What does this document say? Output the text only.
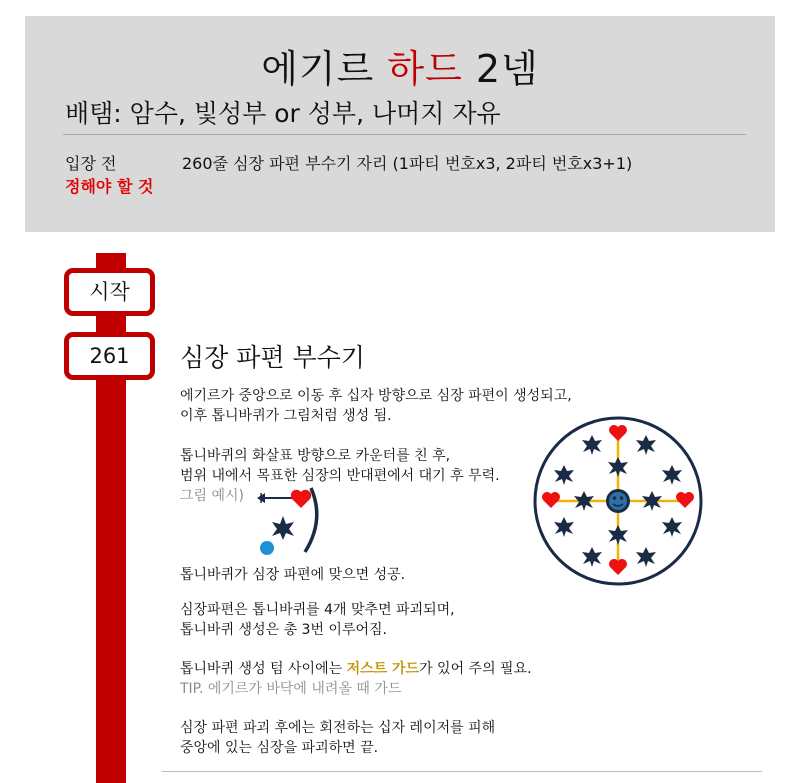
에기르 하드 2넴
배탬: 암수, 빛성부 or 성부, 나머지 자유
입장 전
정해야 할 것
260줄 심장 파편 부수기 자리 (1파티 번호x3, 2파티 번호x3+1)
시작
261	심장 파편 부수기
에기르가 중앙으로 이동 후 십자 방향으로 심장 파편이 생성되고,
이후 톱니바퀴가 그림처럼 생성 됨.
톱니바퀴의 화살표 방향으로 카운터를 친 후,
범위 내에서 목표한 심장의 반대편에서 대기 후 무력.
그림 예시)
톱니바퀴가 심장 파편에 맞으면 성공.
심장파편은 톱니바퀴를 4개 맞추면 파괴되며,
톱니바퀴 생성은 총 3번 이루어짐.
톱니바퀴 생성 텀 사이에는 저스트 가드가 있어 주의 필요.
TIP. 에기르가 바닥에 내려올 때 가드
심장 파편 파괴 후에는 회전하는 십자 레이저를 피해
중앙에 있는 심장을 파괴하면 끝.
